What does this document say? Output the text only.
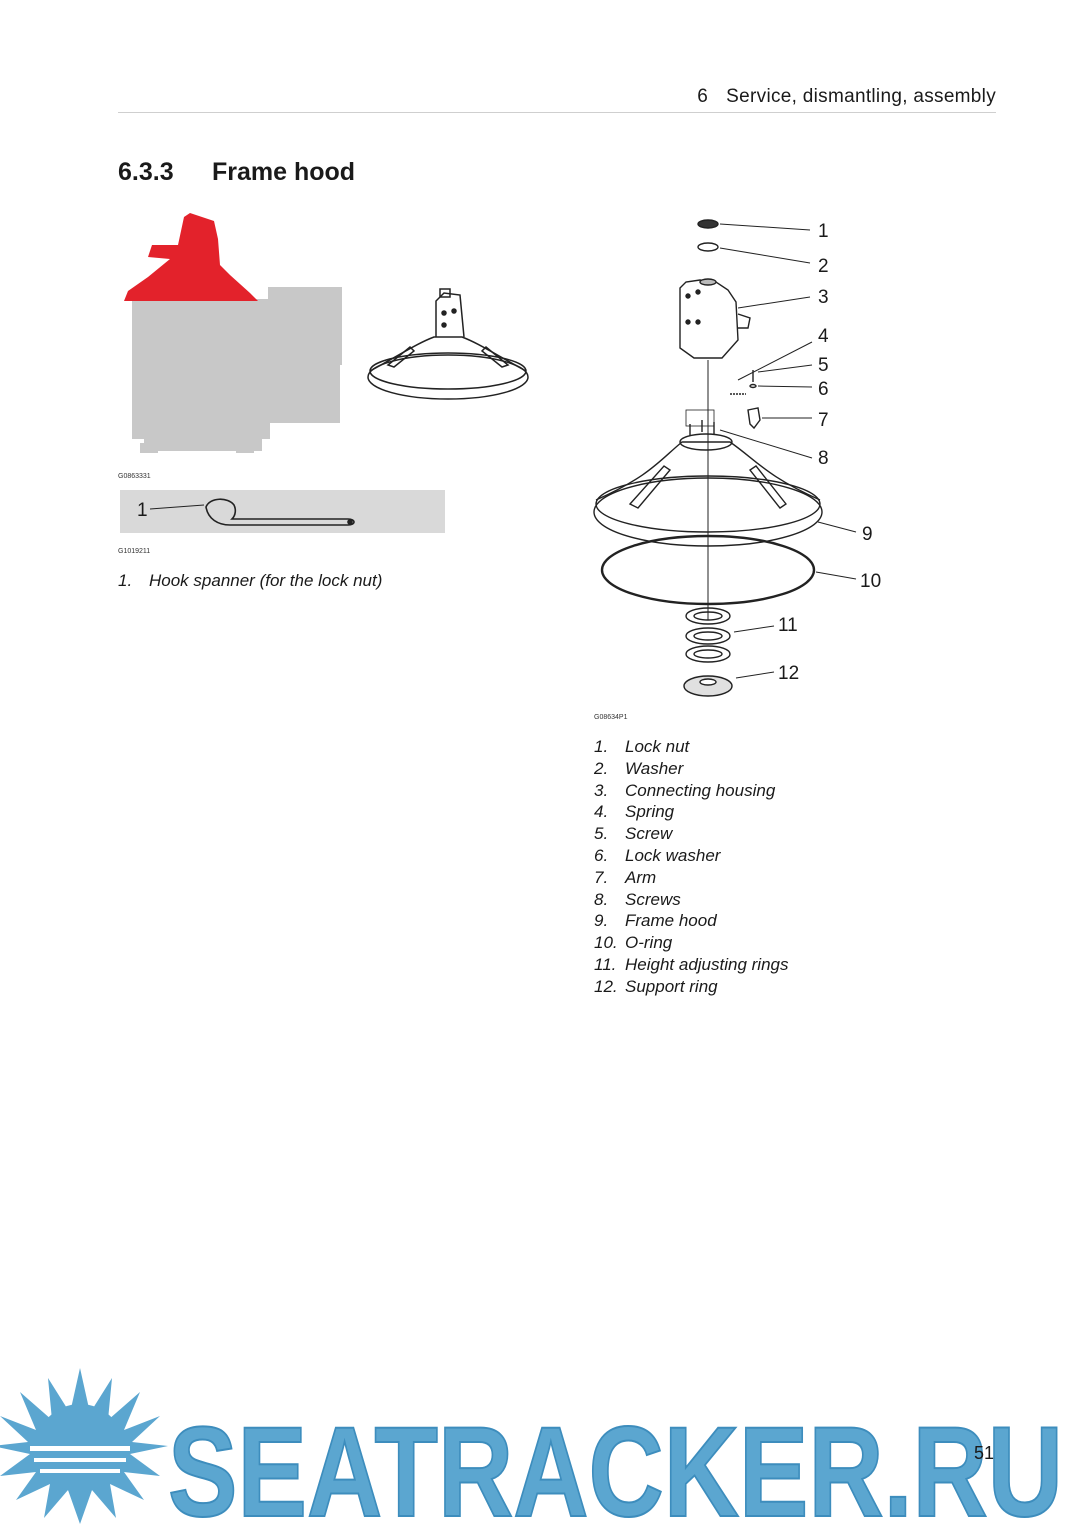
6 Service, dismantling, assembly
6.3.3 Frame hood
G0863331
1
G1019211
1. Hook spanner (for the lock nut)
1
2
3
4
5
6
7
8
9
10
11
12
G08634P1
1. Lock nut
2. Washer
3. Connecting housing
4. Spring
5. Screw
6. Lock washer
7. Arm
8. Screws
9. Frame hood
10. O-ring
11. Height adjusting rings
12. Support ring
SEATRACKER.RU
51
